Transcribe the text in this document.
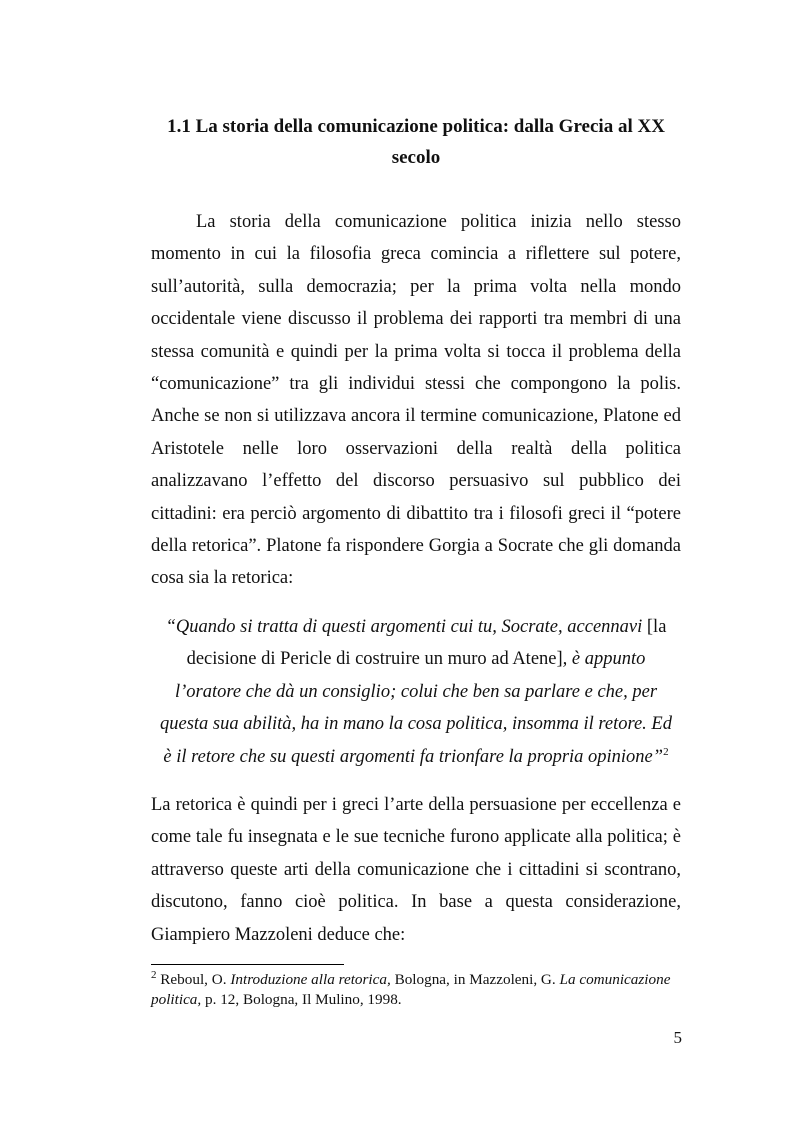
1.1 La storia della comunicazione politica: dalla Grecia al XX
secolo

La storia della comunicazione politica inizia nello stesso momento in cui la filosofia greca comincia a riflettere sul potere, sull’autorità, sulla democrazia; per la prima volta nella mondo occidentale viene discusso il problema dei rapporti tra membri di una stessa comunità e quindi per la prima volta si tocca il problema della “comunicazione” tra gli individui stessi che compongono la polis. Anche se non si utilizzava ancora il termine comunicazione, Platone ed Aristotele nelle loro osservazioni della realtà della politica analizzavano l’effetto del discorso persuasivo sul pubblico dei cittadini: era perciò argomento di dibattito tra i filosofi greci il “potere della retorica”. Platone fa rispondere Gorgia a Socrate che gli domanda cosa sia la retorica:

“Quando si tratta di questi argomenti cui tu, Socrate, accennavi [la
decisione di Pericle di costruire un muro ad Atene], è appunto
l’oratore che dà un consiglio; colui che ben sa parlare e che, per
questa sua abilità, ha in mano la cosa politica, insomma il retore. Ed
è il retore che su questi argomenti fa trionfare la propria opinione”$^2$

La retorica è quindi per i greci l’arte della persuasione per eccellenza e come tale fu insegnata e le sue tecniche furono applicate alla politica; è attraverso queste arti della comunicazione che i cittadini si scontrano, discutono, fanno cioè politica. In base a questa considerazione, Giampiero Mazzoleni deduce che:

$^2$ Reboul, O. Introduzione alla retorica, Bologna, in Mazzoleni, G. La comunicazione politica, p. 12, Bologna, Il Mulino, 1998.

5
